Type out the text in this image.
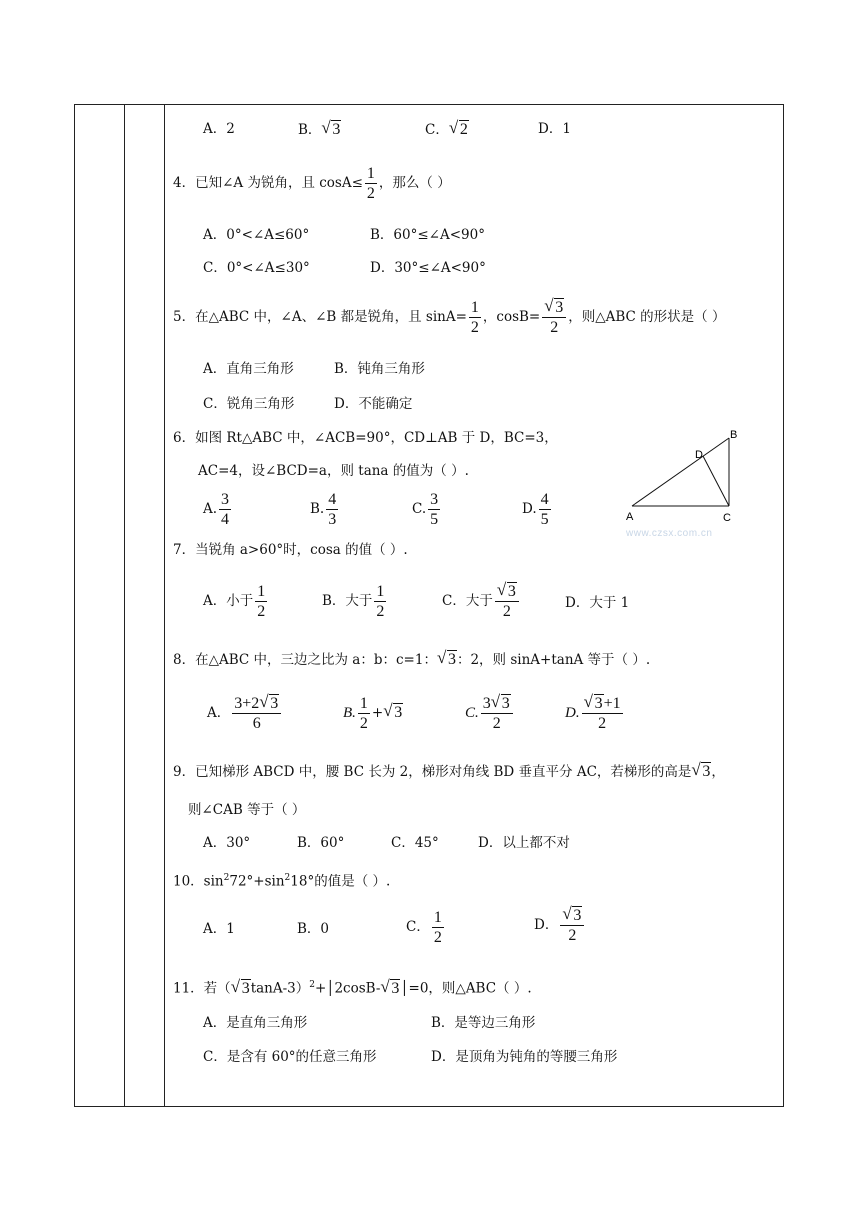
A．2	B． √ 3	C． √ 2	D．1
4．已知∠A 为锐角，且 $\cos A\le \frac{1}{2}$ ，那么（ ）
A．0°<∠A≤60°	B．60°≤∠A<90°
C．0°<∠A≤30°	D．30°≤∠A<90°
5．在△ABC 中，∠A、∠B 都是锐角，且 $\sin A= \frac{1}{2}$ ，cosB= √ $\frac{3}{2}$ ，则△ABC 的形状是（ ）
A．直角三角形	B．钝角三角形
C．锐角三角形	D．不能确定
6．如图 Rt△ABC 中，∠ACB=90°，CD⊥AB 于 D，BC=3，
AC=4，设∠BCD=a，则 tana 的值为（ ）.
A. $\frac{3}{4}$	B. $\frac{4}{3}$	C. $\frac{3}{5}$	D. $\frac{4}{5}$	A
B
C
D
www.czsx.com.cn
7．当锐角 a>60°时，cosa 的值（ ）.
A．小于 $\frac{1}{2}$	B．大于 $\frac{1}{2}$	C．大于 √ $\frac{3}{2}$	D．大于 1
8．在△ABC 中，三边之比为 a：b：c=1： √ 3：2，则 sinA+tanA 等于（ ）.
A． $\frac{3+2 √ 3}{6}$	B. $\frac{1}{2}$ + √ 3	C. $\frac{3 √ 3}{2}$	D. √ $\frac{3+1}{2}$
9．已知梯形 ABCD 中，腰 BC 长为 2，梯形对角线 BD 垂直平分 AC，若梯形的高是 √ 3，
则∠CAB 等于（ ）
A．30°	B．60°	C．45°	D．以上都不对
10．$\sin^272^\circ+\sin^218^\circ$的值是（ ）.
A．1	B．0	C． $\frac{1}{2}$	D． √ $\frac{3}{2}$
11．若（ √ 3tanA-3）$^2$+│2cosB- √ 3│=0，则△ABC（ ）.
A．是直角三角形	B．是等边三角形
C．是含有 60°的任意三角形	D．是顶角为钝角的等腰三角形
